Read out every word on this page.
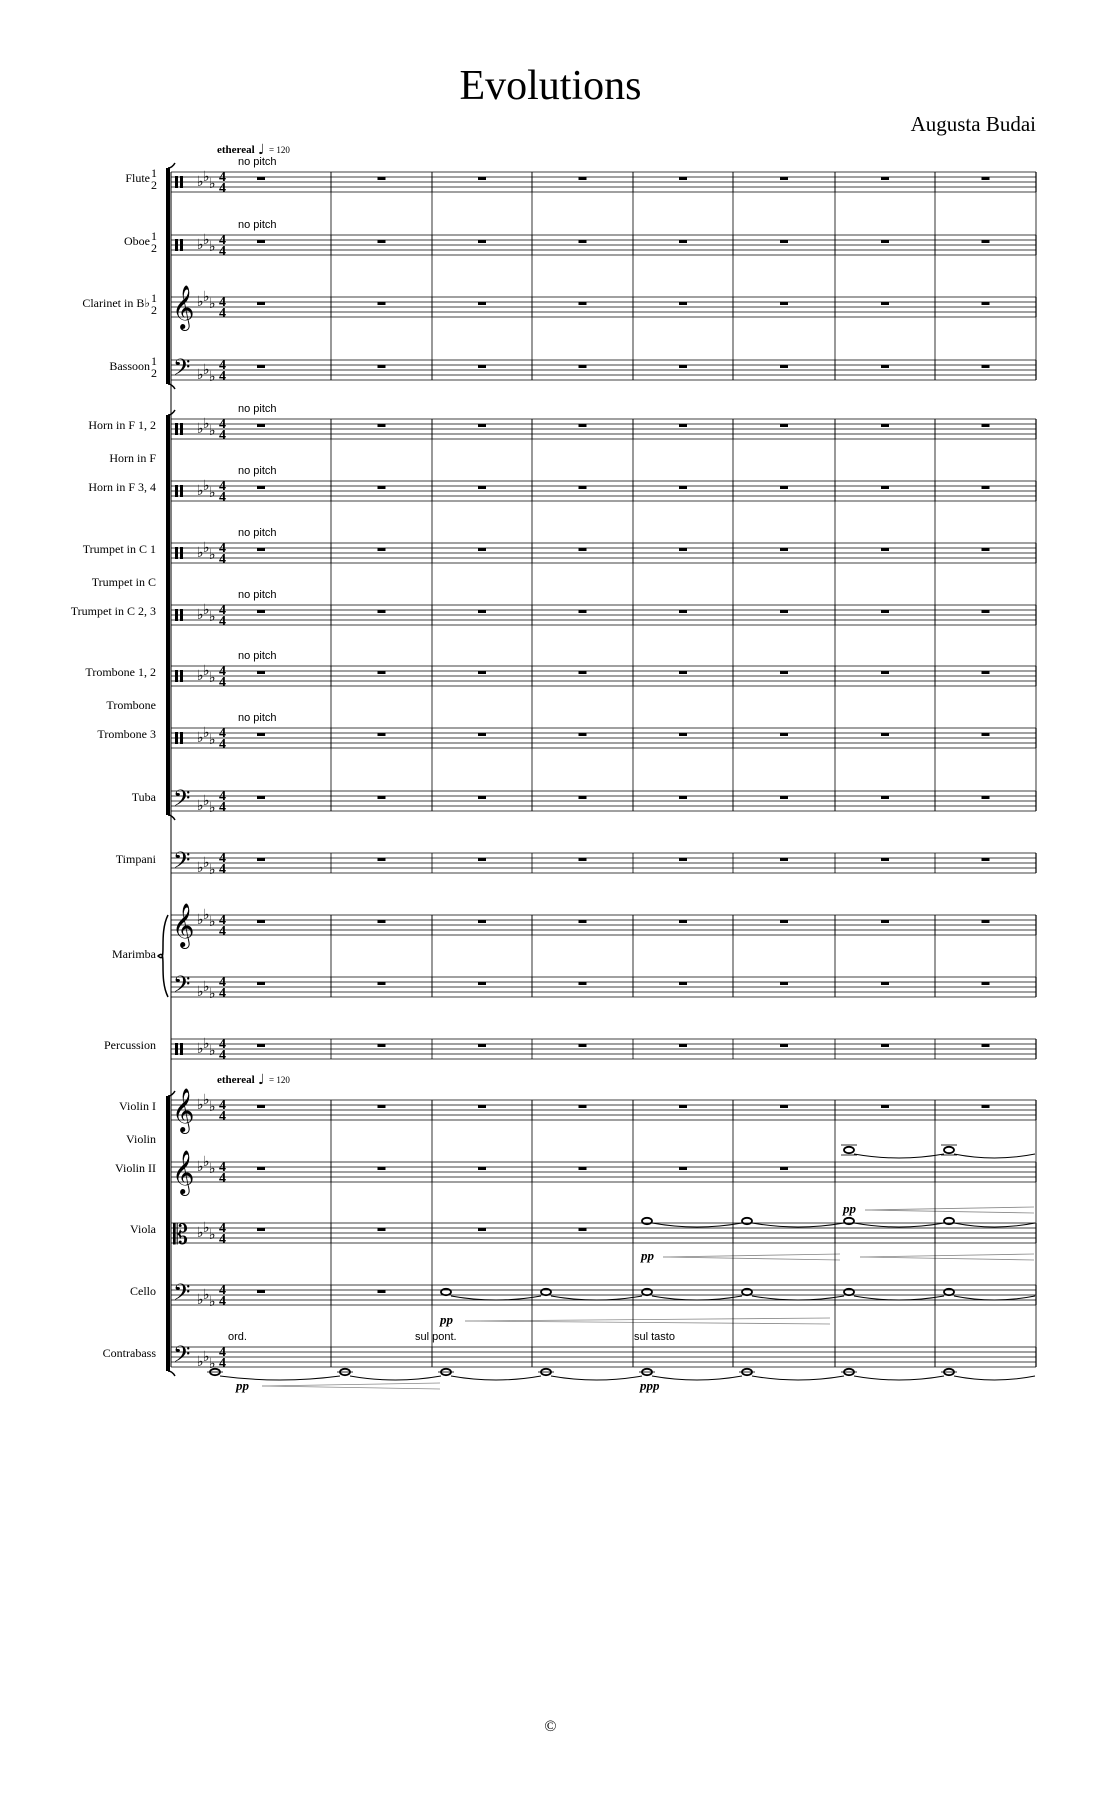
Evolutions
Augusta Budai
©
Flute 1
2
Oboe 1
2
Clarinet in B♭ 1
2
Bassoon 1
2
Horn in F 1, 2
Horn in F
Horn in F 3, 4
Trumpet in C 1
Trumpet in C
Trumpet in C 2, 3
Trombone 1, 2
Trombone
Trombone 3
Tuba
Timpani
Marimba
Percussion
Violin I
Violin
Violin II
Viola
Cello
Contrabass
♭ ♭ ♭ 4
4
♭ ♭ ♭ 4
4
𝄞 ♭ ♭ ♭ 4
4
𝄢 ♭ ♭ ♭
4
4
♭ ♭ ♭ 4
4
♭ ♭ ♭ 4
4
♭ ♭ ♭ 4
4
♭ ♭ ♭ 4
4
♭ ♭ ♭ 4
4
♭ ♭ ♭ 4
4
𝄢 ♭ ♭ ♭
4
4
𝄢 ♭ ♭ ♭
4
4
𝄞 ♭ ♭ ♭ 4
4
𝄢 ♭ ♭ ♭
4
4
♭ ♭ ♭ 4
4
𝄞 ♭ ♭ ♭ 4
4
𝄞 ♭ ♭ ♭ 4
4
𝄡 ♭ ♭ ♭ 4
4
𝄢 ♭ ♭ ♭
4
4
𝄢 ♭ ♭ ♭
4
4
no pitch
no pitch
no pitch
no pitch
no pitch
no pitch
no pitch
no pitch
ethereal ♩ = 120
ethereal ♩ = 120
pp
pp
pp
pp	ppp
ord.	sul pont.	sul tasto
